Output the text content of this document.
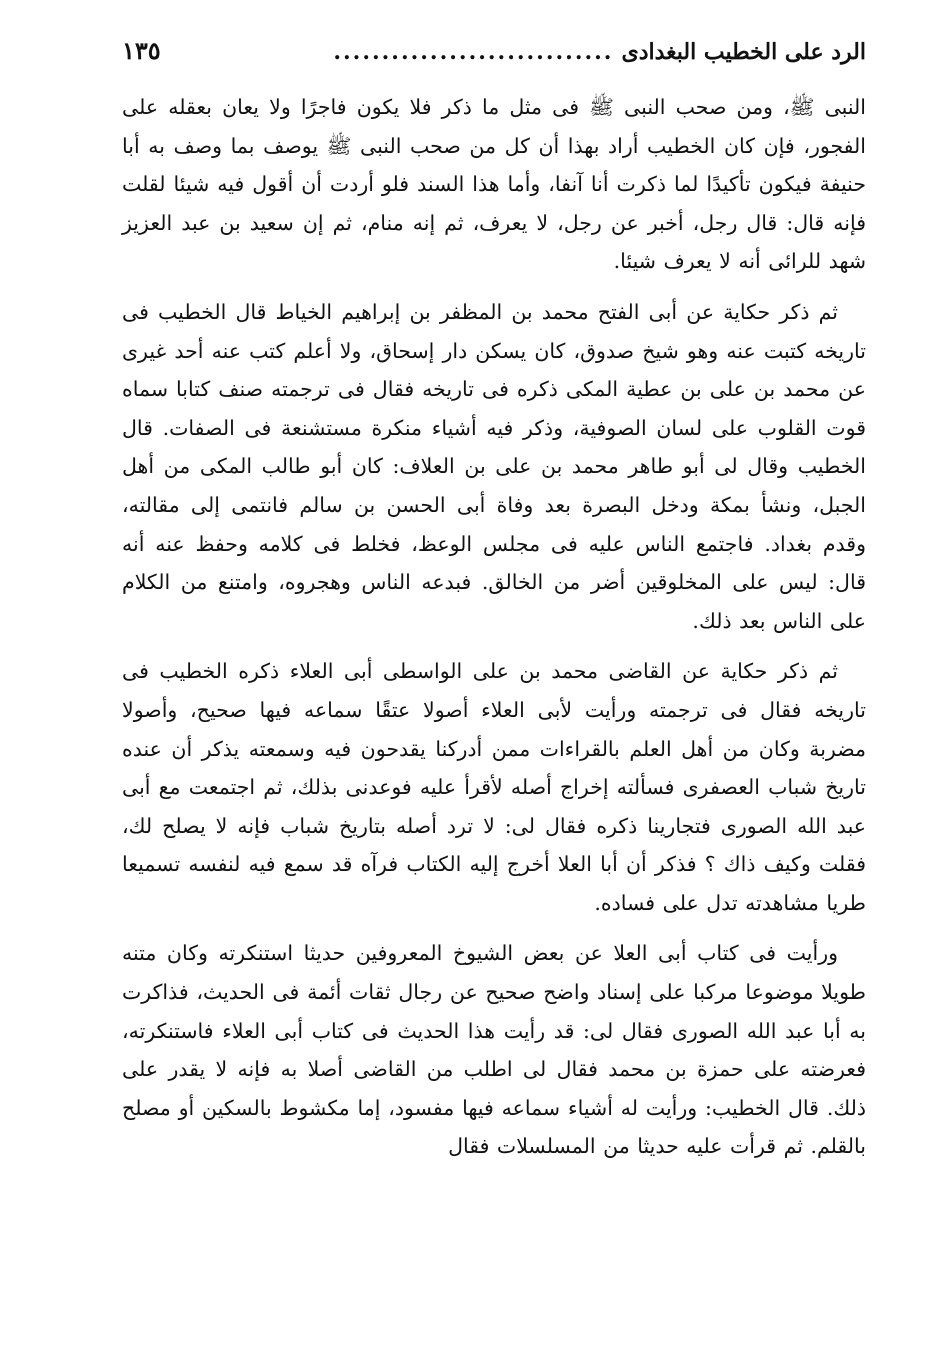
الرد على الخطيب البغدادى
.............................
١٣٥

النبى ﷺ، ومن صحب النبى ﷺ فى مثل ما ذكر فلا يكون فاجرًا ولا يعان بعقله على الفجور، فإن كان الخطيب أراد بهذا أن كل من صحب النبى ﷺ يوصف بما وصف به أبا حنيفة فيكون تأكيدًا لما ذكرت أنا آنفا، وأما هذا السند فلو أردت أن أقول فيه شيئا لقلت فإنه قال: قال رجل، أخبر عن رجل، لا يعرف، ثم إنه منام، ثم إن سعيد بن عبد العزيز شهد للرائى أنه لا يعرف شيئا.

ثم ذكر حكاية عن أبى الفتح محمد بن المظفر بن إبراهيم الخياط قال الخطيب فى تاريخه كتبت عنه وهو شيخ صدوق، كان يسكن دار إسحاق، ولا أعلم كتب عنه أحد غيرى عن محمد بن على بن عطية المكى ذكره فى تاريخه فقال فى ترجمته صنف كتابا سماه قوت القلوب على لسان الصوفية، وذكر فيه أشياء منكرة مستشنعة فى الصفات. قال الخطيب وقال لى أبو طاهر محمد بن على بن العلاف: كان أبو طالب المكى من أهل الجبل، ونشأ بمكة ودخل البصرة بعد وفاة أبى الحسن بن سالم فانتمى إلى مقالته، وقدم بغداد. فاجتمع الناس عليه فى مجلس الوعظ، فخلط فى كلامه وحفظ عنه أنه قال: ليس على المخلوقين أضر من الخالق. فبدعه الناس وهجروه، وامتنع من الكلام على الناس بعد ذلك.

ثم ذكر حكاية عن القاضى محمد بن على الواسطى أبى العلاء ذكره الخطيب فى تاريخه فقال فى ترجمته ورأيت لأبى العلاء أصولا عتقًا سماعه فيها صحيح، وأصولا مضربة وكان من أهل العلم بالقراءات ممن أدركنا يقدحون فيه وسمعته يذكر أن عنده تاريخ شباب العصفرى فسألته إخراج أصله لأقرأ عليه فوعدنى بذلك، ثم اجتمعت مع أبى عبد الله الصورى فتجارينا ذكره فقال لى: لا ترد أصله بتاريخ شباب فإنه لا يصلح لك، فقلت وكيف ذاك ؟ فذكر أن أبا العلا أخرج إليه الكتاب فرآه قد سمع فيه لنفسه تسميعا طريا مشاهدته تدل على فساده.

ورأيت فى كتاب أبى العلا عن بعض الشيوخ المعروفين حديثا استنكرته وكان متنه طويلا موضوعا مركبا على إسناد واضح صحيح عن رجال ثقات أئمة فى الحديث، فذاكرت به أبا عبد الله الصورى فقال لى: قد رأيت هذا الحديث فى كتاب أبى العلاء فاستنكرته، فعرضته على حمزة بن محمد فقال لى اطلب من القاضى أصلا به فإنه لا يقدر على ذلك. قال الخطيب: ورأيت له أشياء سماعه فيها مفسود، إما مكشوط بالسكين أو مصلح بالقلم. ثم قرأت عليه حديثا من المسلسلات فقال
